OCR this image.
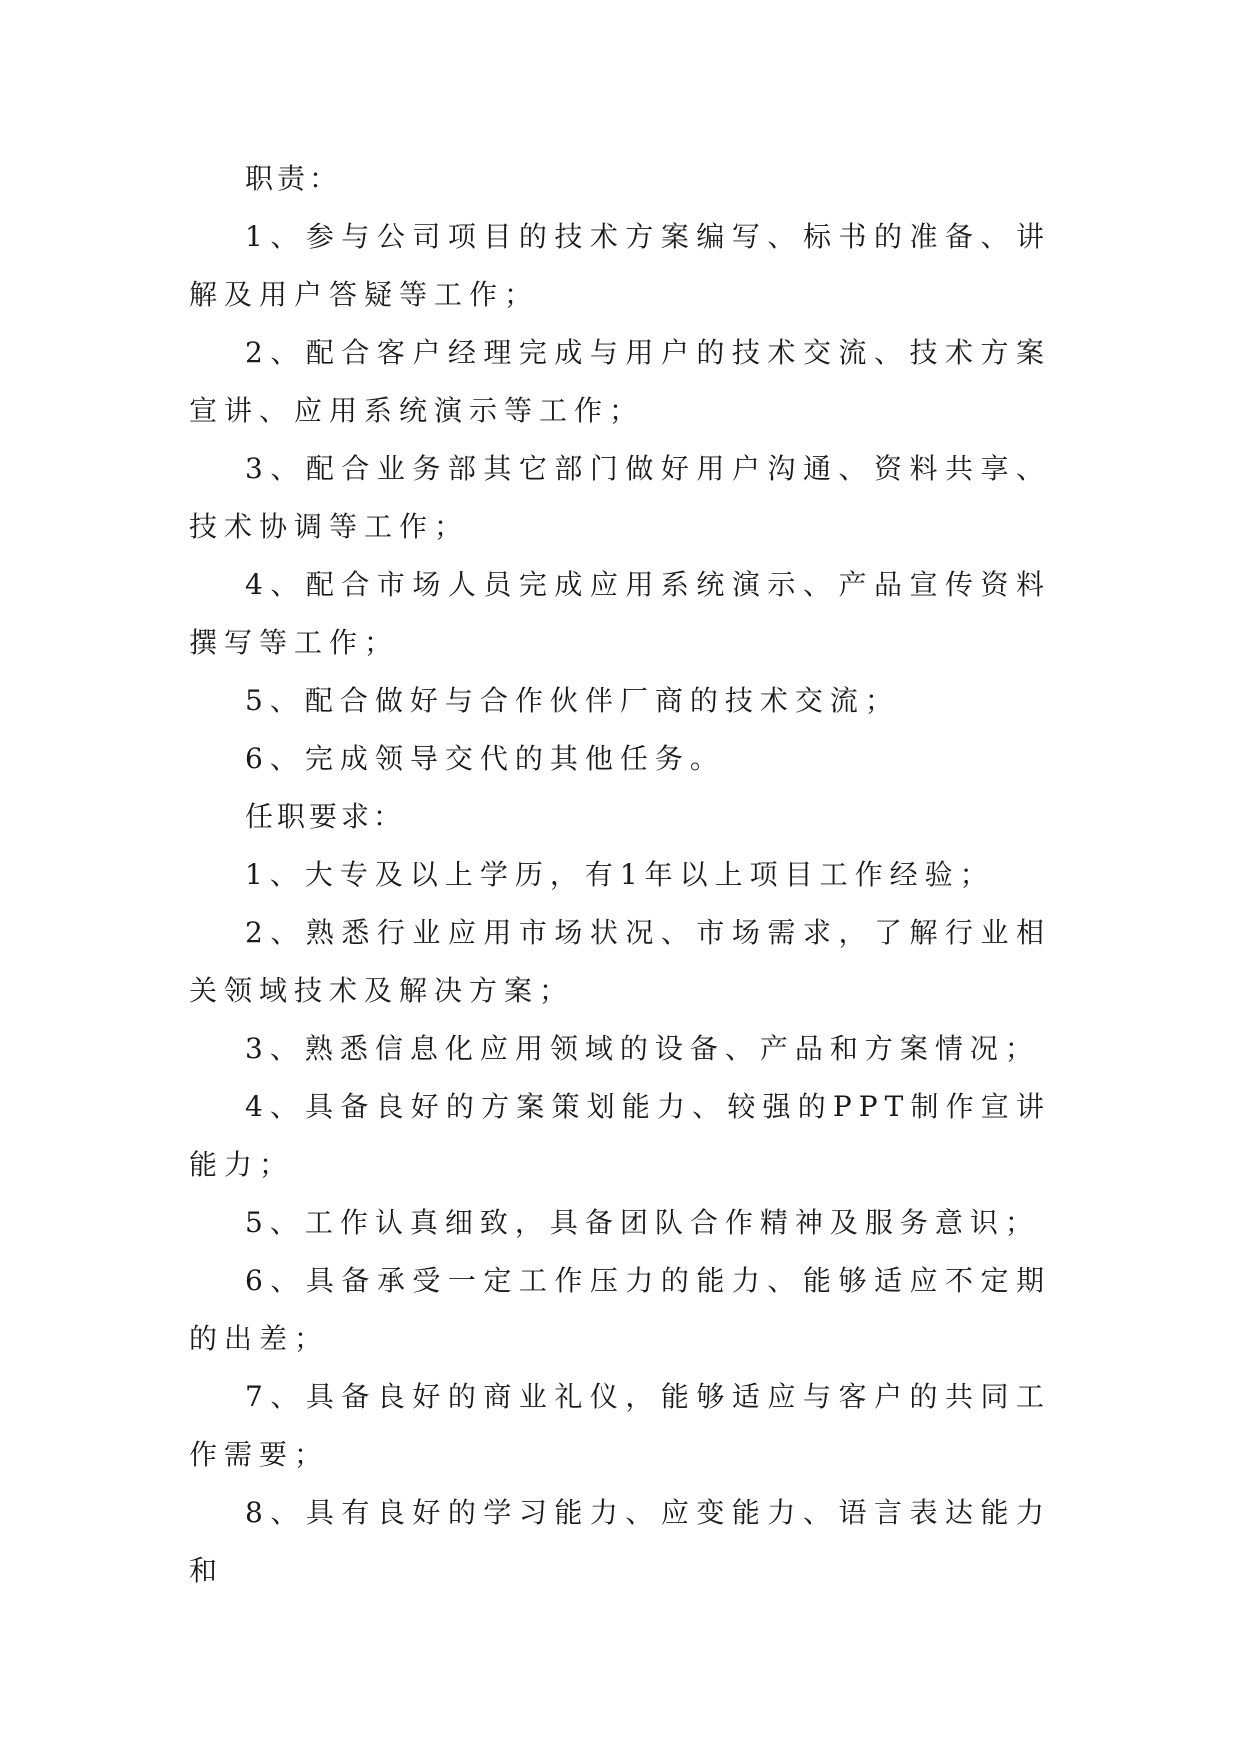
职责：

1、参与公司项目的技术方案编写、标书的准备、讲解及用户答疑等工作；

2、配合客户经理完成与用户的技术交流、技术方案宣讲、应用系统演示等工作；

3、配合业务部其它部门做好用户沟通、资料共享、技术协调等工作；

4、配合市场人员完成应用系统演示、产品宣传资料撰写等工作；

5、配合做好与合作伙伴厂商的技术交流；

6、完成领导交代的其他任务。

任职要求：

1、大专及以上学历，有1年以上项目工作经验；

2、熟悉行业应用市场状况、市场需求，了解行业相关领域技术及解决方案；

3、熟悉信息化应用领域的设备、产品和方案情况；

4、具备良好的方案策划能力、较强的PPT制作宣讲能力；

5、工作认真细致，具备团队合作精神及服务意识；

6、具备承受一定工作压力的能力、能够适应不定期的出差；

7、具备良好的商业礼仪，能够适应与客户的共同工作需要；

8、具有良好的学习能力、应变能力、语言表达能力和
